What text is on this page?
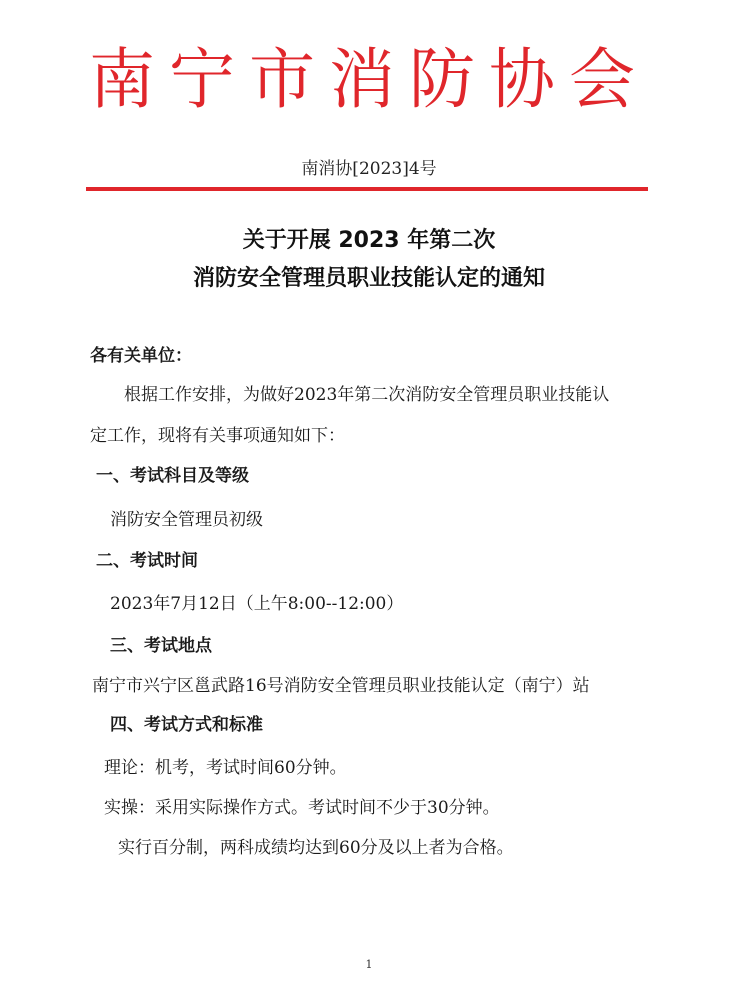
南宁市消防协会
南消协[2023]4号
关于开展 2023 年第二次
消防安全管理员职业技能认定的通知
各有关单位：
根据工作安排，为做好2023年第二次消防安全管理员职业技能认
定工作，现将有关事项通知如下：
一、考试科目及等级
消防安全管理员初级
二、考试时间
2023年7月12日（上午8:00--12:00）
三、考试地点
南宁市兴宁区邕武路16号消防安全管理员职业技能认定（南宁）站
四、考试方式和标准
理论：机考，考试时间60分钟。
实操：采用实际操作方式。考试时间不少于30分钟。
实行百分制，两科成绩均达到60分及以上者为合格。
1
